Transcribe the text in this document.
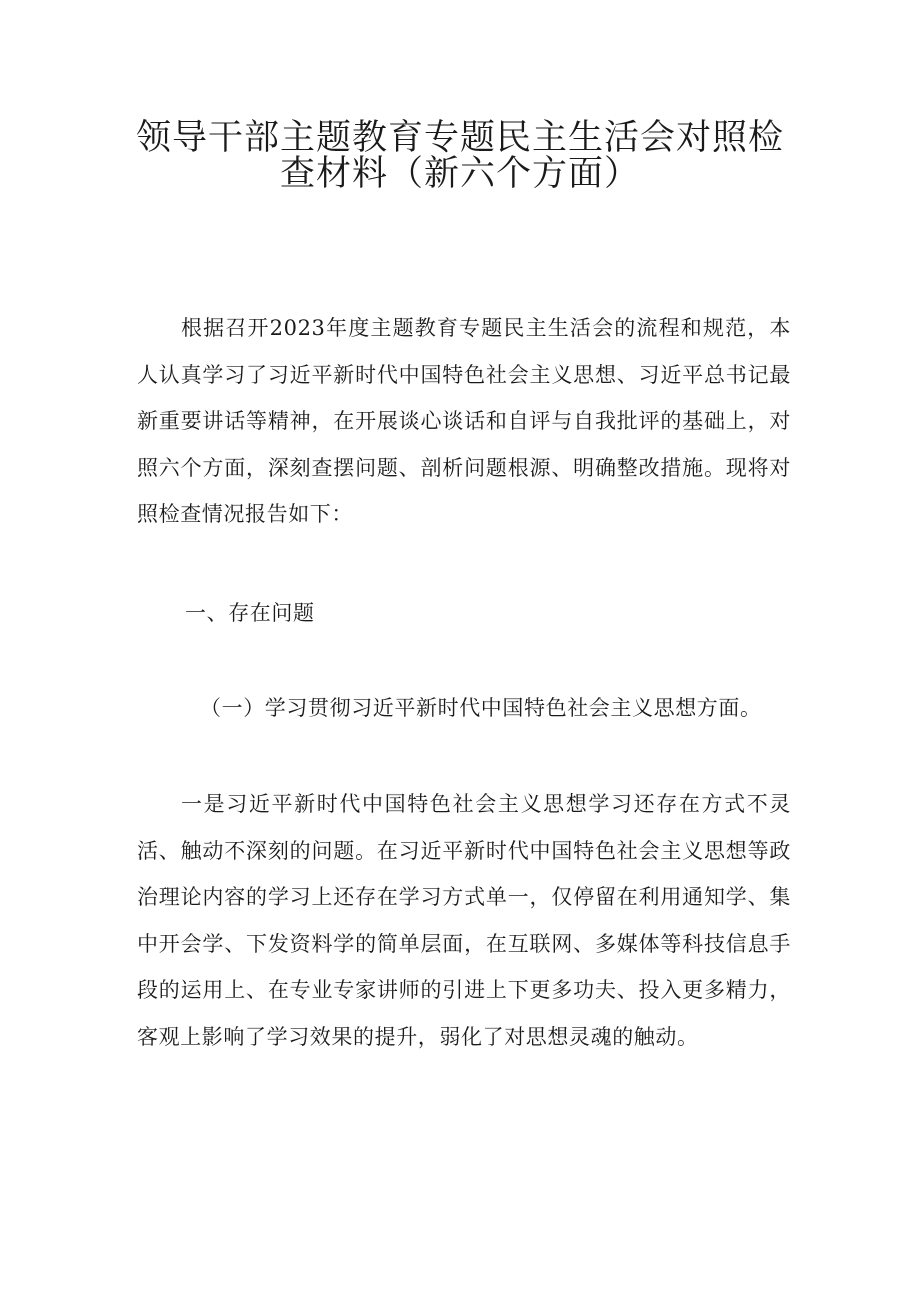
领导干部主题教育专题民主生活会对照检
查材料（新六个方面）

根据召开2023年度主题教育专题民主生活会的流程和规范，本人认真学习了习近平新时代中国特色社会主义思想、习近平总书记最新重要讲话等精神，在开展谈心谈话和自评与自我批评的基础上，对照六个方面，深刻查摆问题、剖析问题根源、明确整改措施。现将对照检查情况报告如下：

一、存在问题

（一）学习贯彻习近平新时代中国特色社会主义思想方面。

一是习近平新时代中国特色社会主义思想学习还存在方式不灵活、触动不深刻的问题。在习近平新时代中国特色社会主义思想等政治理论内容的学习上还存在学习方式单一，仅停留在利用通知学、集中开会学、下发资料学的简单层面，在互联网、多媒体等科技信息手段的运用上、在专业专家讲师的引进上下更多功夫、投入更多精力，客观上影响了学习效果的提升，弱化了对思想灵魂的触动。
